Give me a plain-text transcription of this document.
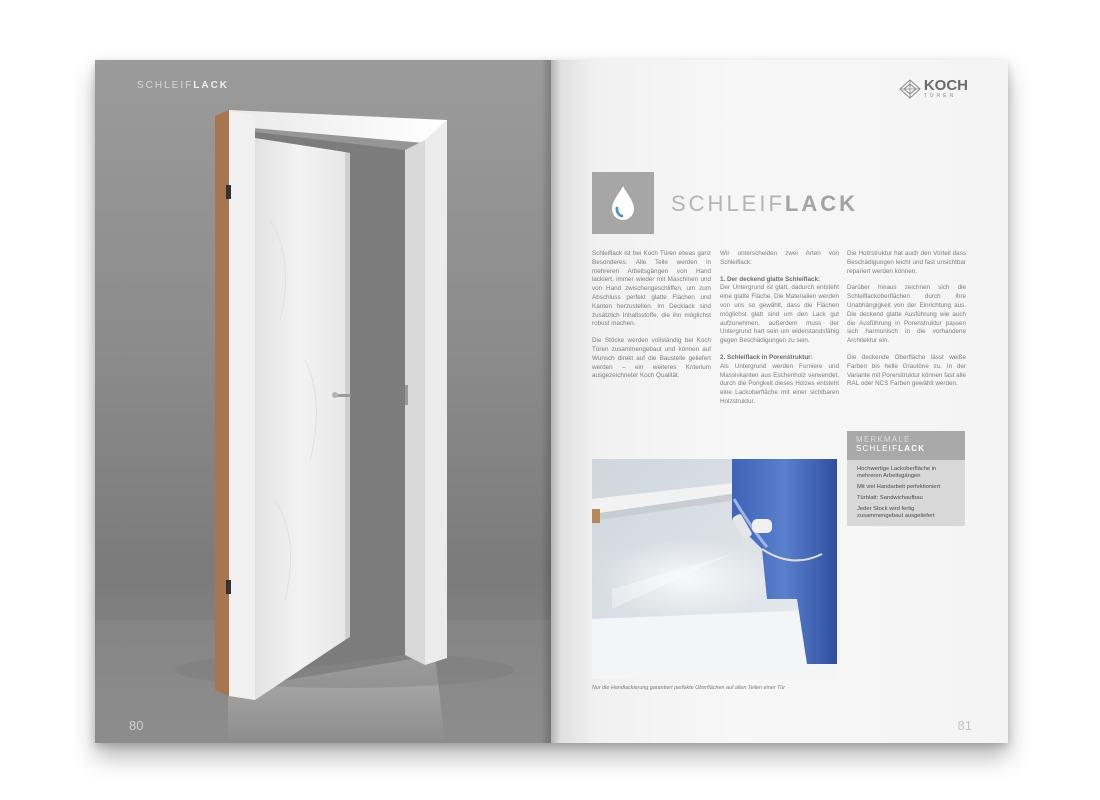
SCHLEIFLACK
80
KOCH
TÜREN
SCHLEIFLACK

Schleiflack ist bei Koch Türen etwas ganz Besonderes: Alle Teile werden in mehreren Arbeitsgängen von Hand lackiert, immer wieder mit Maschinen und von Hand zwischengeschliffen, um zum Abschluss perfekt glatte Flächen und Kanten herzustellen. Im Decklack sind zusätzlich Inhaltsstoffe, die ihn möglichst robust machen.

Die Stöcke werden vollständig bei Koch Türen zusammengebaut und können auf Wunsch direkt auf die Baustelle geliefert werden – ein weiteres Kriterium ausgezeichneter Koch Qualität.

Wir unterscheiden zwei Arten von Schleiflack:

1. Der deckend glatte Schleiflack:

Der Untergrund ist glatt, dadurch entsteht eine glatte Fläche. Die Materialien werden von uns so gewählt, dass die Flächen möglichst glatt sind um den Lack gut aufzunehmen, außerdem muss der Untergrund hart sein um widerstandsfähig gegen Beschädigungen zu sein.

2. Schleiflack in Porenstruktur:

Als Untergrund werden Furniere und Massivkanten aus Eschenholz verwendet, durch die Porigkeit dieses Holzes entsteht eine Lackoberfläche mit einer sichtbaren Holzstruktur.

Die Holzstruktur hat auch den Vorteil dass Beschädigungen leicht und fast unsichtbar repariert werden können.

Darüber hinaus zeichnen sich die Schleiflackoberflächen durch ihre Unabhängigkeit von der Einrichtung aus. Die deckend glatte Ausführung wie auch die Ausführung in Porenstruktur passen sich harmonisch in die vorhandene Architektur ein.

Die deckende Oberfläche lässt weiße Farben bis helle Grautöne zu. In der Variante mit Porenstruktur können fast alle RAL oder NCS Farben gewählt werden.

MERKMALE
SCHLEIFLACK
Hochwertige Lackoberfläche in mehreren Arbeitsgängen
Mit viel Handarbeit perfektioniert
Türblatt: Sandwichaufbau
Jeder Stock wird fertig zusammengebaut ausgeliefert
Nur die Handlackierung garantiert perfekte Oberflächen auf allen Teilen einer Tür
81
